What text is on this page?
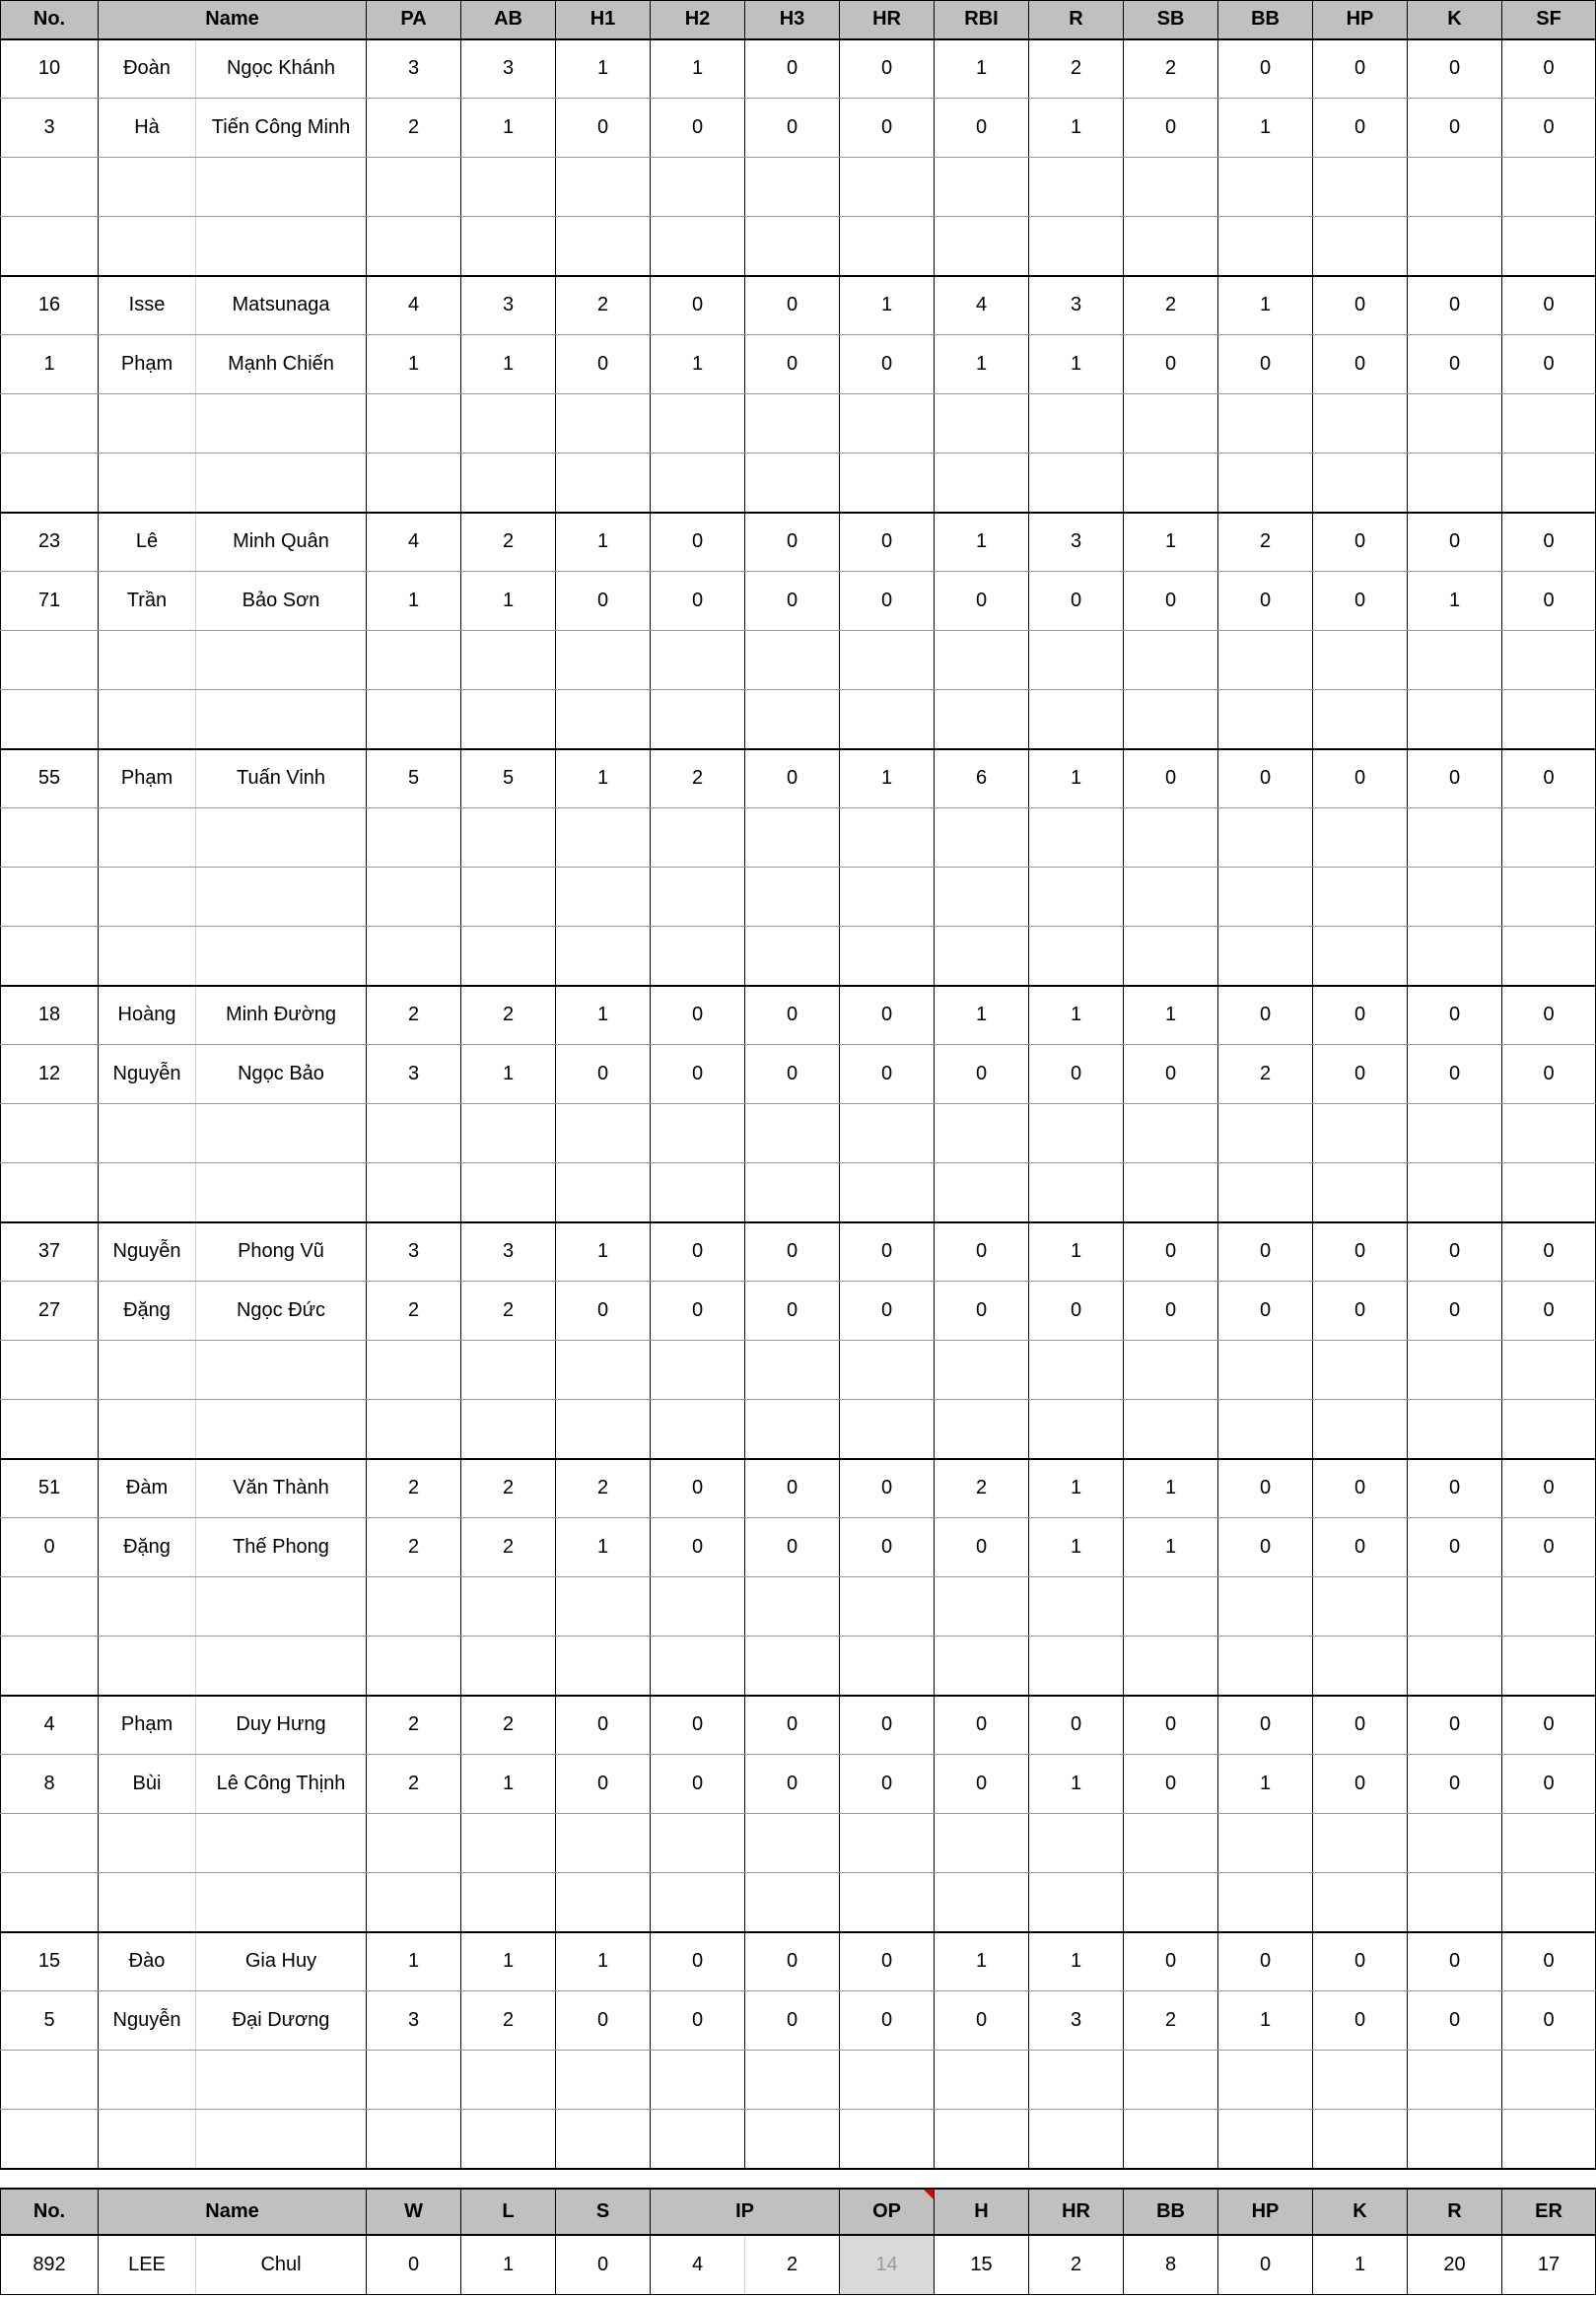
No.	Name		PA	AB	H1	H2	H3	HR	RBI	R	SB	BB	HP	K	SF
10	Đoàn	Ngọc Khánh	3	3	1	1	0	0	1	2	2	0	0	0	0
3	Hà	Tiến Công Minh	2	1	0	0	0	0	0	1	0	1	0	0	0

16	Isse	Matsunaga	4	3	2	0	0	1	4	3	2	1	0	0	0
1	Phạm	Mạnh Chiến	1	1	0	1	0	0	1	1	0	0	0	0	0

23	Lê	Minh Quân	4	2	1	0	0	0	1	3	1	2	0	0	0
71	Trần	Bảo Sơn	1	1	0	0	0	0	0	0	0	0	0	1	0

55	Phạm	Tuấn Vinh	5	5	1	2	0	1	6	1	0	0	0	0	0

18	Hoàng	Minh Đường	2	2	1	0	0	0	1	1	1	0	0	0	0
12	Nguyễn	Ngọc Bảo	3	1	0	0	0	0	0	0	0	2	0	0	0

37	Nguyễn	Phong Vũ	3	3	1	0	0	0	0	1	0	0	0	0	0
27	Đặng	Ngọc Đức	2	2	0	0	0	0	0	0	0	0	0	0	0

51	Đàm	Văn Thành	2	2	2	0	0	0	2	1	1	0	0	0	0
0	Đặng	Thế Phong	2	2	1	0	0	0	0	1	1	0	0	0	0

4	Phạm	Duy Hưng	2	2	0	0	0	0	0	0	0	0	0	0	0
8	Bùi	Lê Công Thịnh	2	1	0	0	0	0	0	1	0	1	0	0	0

15	Đào	Gia Huy	1	1	1	0	0	0	1	1	0	0	0	0	0
5	Nguyễn	Đại Dương	3	2	0	0	0	0	0	3	2	1	0	0	0

No.	Name		W	L	S	IP		OP	H	HR	BB	HP	K	R	ER
892	LEE	Chul	0	1	0	4	2	14	15	2	8	0	1	20	17
